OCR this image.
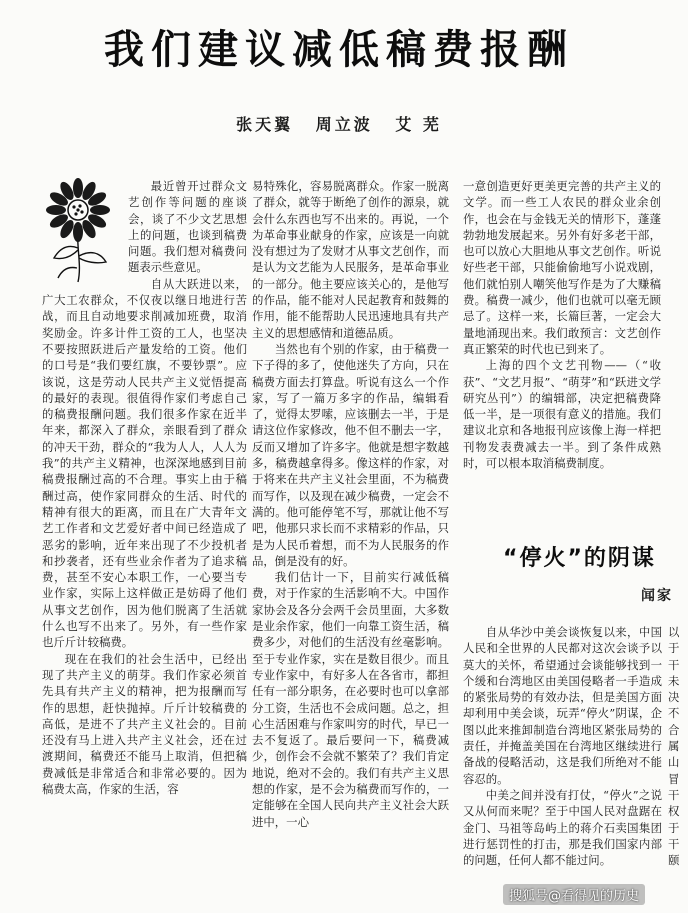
我们建议减低稿费报酬
张天翼 周立波 艾 芜

最近曾开过群众文艺创作等问题的座谈会，谈了不少文艺思想上的问题，也谈到稿费问题。我们想对稿费问题表示些意见。

自从大跃进以来，广大工农群众，不仅夜以继日地进行苦战，而且自动地要求削减加班费，取消奖励金。许多计件工资的工人，也坚决不要按照跃进后产量发给的工资。他们的口号是“我们要红旗，不要钞票”。应该说，这是劳动人民共产主义觉悟提高的最好的表现。很值得作家们考虑自己的稿费报酬问题。我们很多作家在近半年来，都深入了群众，亲眼看到了群众的冲天干劲，群众的“我为人人，人人为我”的共产主义精神，也深深地感到目前稿费报酬过高的不合理。事实上由于稿酬过高，使作家同群众的生活、时代的精神有很大的距离，而且在广大青年文艺工作者和文艺爱好者中间已经造成了恶劣的影响，近年来出现了不少投机者和抄袭者，还有些业余作者为了追求稿费，甚至不安心本职工作，一心要当专业作家，实际上这样做正是妨碍了他们从事文艺创作，因为他们脱离了生活就什么也写不出来了。另外，有一些作家也斤斤计较稿费。

现在在我们的社会生活中，已经出现了共产主义的萌芽。我们作家必须首先具有共产主义的精神，把为报酬而写作的思想，赶快抛掉。斤斤计较稿费的高低，是进不了共产主义社会的。目前还没有马上进入共产主义社会，还在过渡期间，稿费还不能马上取消，但把稿费减低是非常适合和非常必要的。因为稿费太高，作家的生活，容

易特殊化，容易脱离群众。作家一脱离了群众，就等于断绝了创作的源泉，就会什么东西也写不出来的。再说，一个为革命事业献身的作家，应该是一向就没有想过为了发财才从事文艺创作，而是认为文艺能为人民服务，是革命事业的一部分。他主要应该关心的，是他写的作品，能不能对人民起教育和鼓舞的作用，能不能帮助人民迅速地具有共产主义的思想感情和道德品质。

当然也有个别的作家，由于稿费一下子得的多了，使他迷失了方向，只在稿费方面去打算盘。听说有这么一个作家，写了一篇万多字的作品，编辑看了，觉得太罗嗦，应该删去一半，于是请这位作家修改，他不但不删去一字，反而又增加了许多字。他就是想字数越多，稿费越拿得多。像这样的作家，对于将来在共产主义社会里面，不为稿费而写作，以及现在减少稿费，一定会不满的。他可能停笔不写，那就让他不写吧，他那只求长而不求精彩的作品，只是为人民币着想，而不为人民服务的作品，倒是没有的好。

我们估计一下，目前实行减低稿费，对于作家的生活影响不大。中国作家协会及各分会两千会员里面，大多数是业余作家，他们一向靠工资生活，稿费多少，对他们的生活没有丝毫影响。至于专业作家，实在是数目很少。而且专业作家中，有好多人在各省市，都担任有一部分职务，在必要时也可以拿部分工资，生活也不会成问题。总之，担心生活困难与作家叫穷的时代，早已一去不复返了。最后要问一下，稿费减少，创作会不会就不繁荣了？我们肯定地说，绝对不会的。我们有共产主义思想的作家，是不会为稿费而写作的，一定能够在全国人民向共产主义社会大跃进中，一心

一意创造更好更美更完善的共产主义的文学。而一些工人农民的群众业余创作，也会在与金钱无关的情形下，蓬蓬勃勃地发展起来。另外有好多老干部，也可以放心大胆地从事文艺创作。听说好些老干部，只能偷偷地写小说戏剧，他们就怕别人嘲笑他写作是为了大赚稿费。稿费一减少，他们也就可以毫无顾忌了。这样一来，长篇巨著，一定会大量地涌现出来。我们敢预言：文艺创作真正繁荣的时代也已到来了。

上海的四个文艺刊物——（“收获”、“文艺月报”、“萌芽”和“跃进文学研究丛刊”）的编辑部，决定把稿费降低一半，是一项很有意义的措施。我们建议北京和各地报刊应该像上海一样把刊物发表费减去一半。到了条件成熟时，可以根本取消稿费制度。

“停火”的阴谋
闻家

自从华沙中美会谈恢复以来，中国人民和全世界的人民都对这次会谈予以莫大的关怀，希望通过会谈能够找到一个缓和台湾地区由美国侵略者一手造成的紧张局势的有效办法，但是美国方面却利用中美会谈，玩弄“停火”阴谋，企图以此来推卸制造台湾地区紧张局势的责任，并掩盖美国在台湾地区继续进行备战的侵略活动，这是我们所绝对不能容忍的。

中美之间并没有打仗，“停火”之说又从何而来呢？至于中国人民对盘踞在金门、马祖等岛屿上的蒋介石卖国集团进行惩罚性的打击，那是我们国家内部的问题，任何人都不能过问。

以于干未决不合属山冒干权于干颐
搜狐号@看得见的历史
